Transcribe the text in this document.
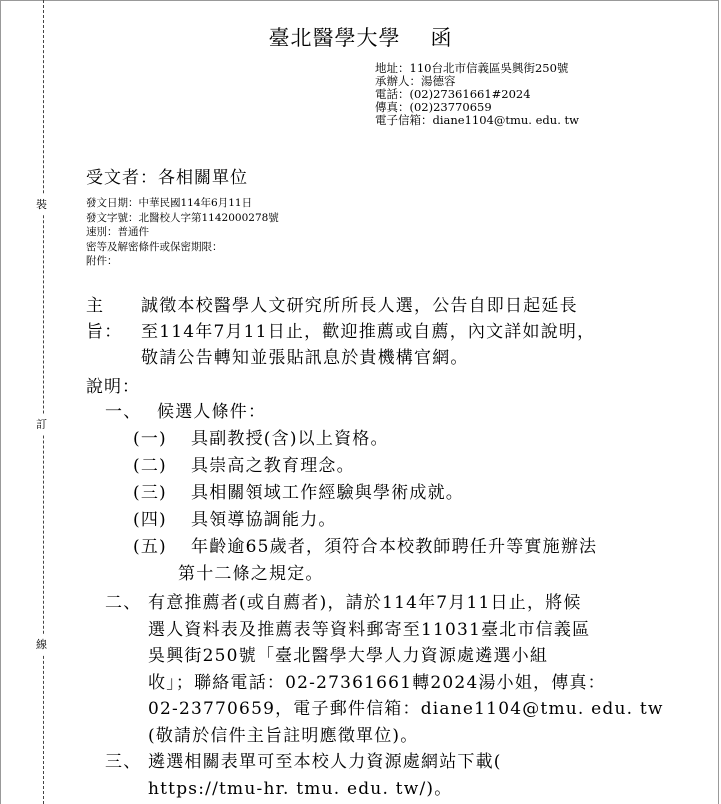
裝
訂
線
臺北醫學大學 函
地址：110台北市信義區吳興街250號
承辦人：湯德容
電話：(02)27361661#2024
傳真：(02)23770659
電子信箱：diane1104@tmu. edu. tw
受文者：各相關單位
發文日期：中華民國114年6月11日
發文字號：北醫校人字第1142000278號
速別：普通件
密等及解密條件或保密期限：
附件：
主旨：
誠徵本校醫學人文研究所所長人選，公告自即日起延長
至114年7月11日止，歡迎推薦或自薦，內文詳如說明，
敬請公告轉知並張貼訊息於貴機構官網。
說明：
一、 候選人條件：
(一) 具副教授(含)以上資格。
(二) 具崇高之教育理念。
(三) 具相關領域工作經驗與學術成就。
(四) 具領導協調能力。
(五) 年齡逾65歲者，須符合本校教師聘任升等實施辦法
第十二條之規定。
二、 有意推薦者(或自薦者)，請於114年7月11日止，將候
選人資料表及推薦表等資料郵寄至11031臺北市信義區
吳興街250號「臺北醫學大學人力資源處遴選小組
收」；聯絡電話：02-27361661轉2024湯小姐，傳真：
02-23770659，電子郵件信箱：diane1104@tmu. edu. tw
(敬請於信件主旨註明應徵單位)。
三、 遴選相關表單可至本校人力資源處網站下載(
https://tmu-hr. tmu. edu. tw/)。
